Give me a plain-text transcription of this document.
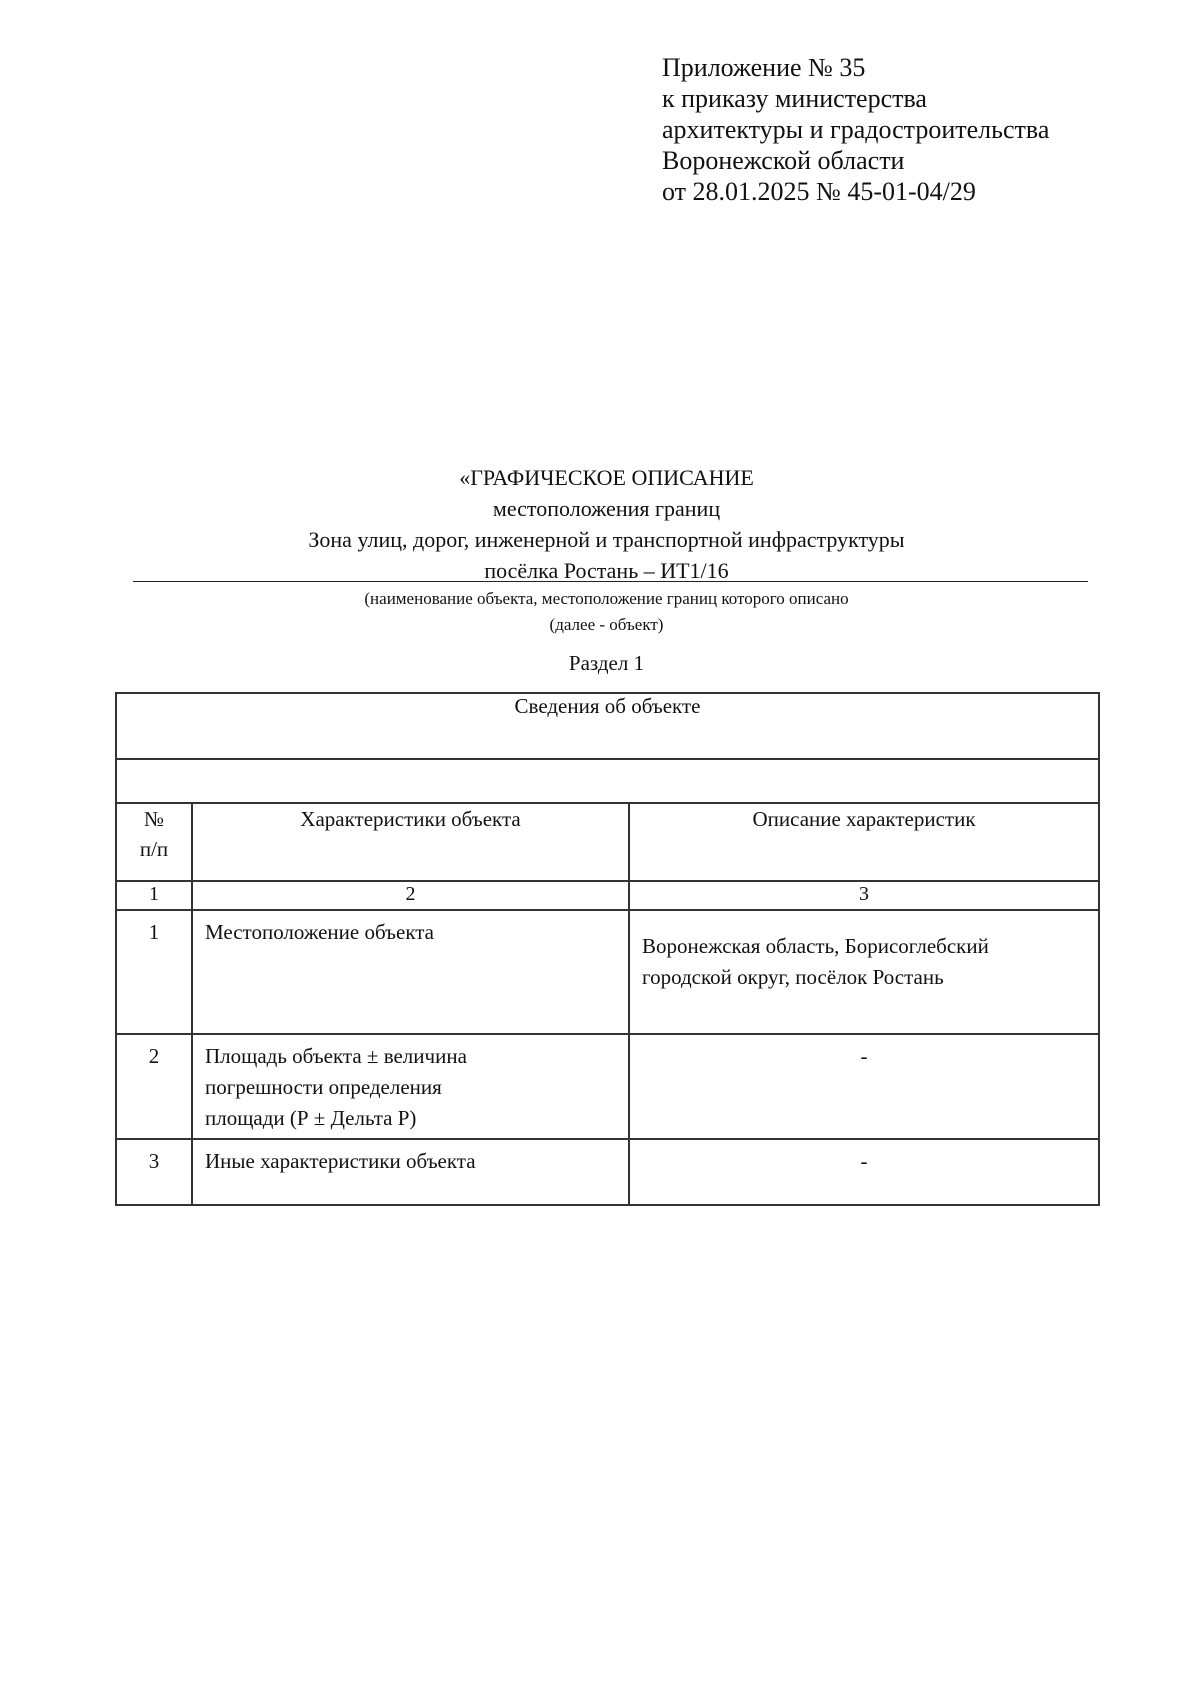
Приложение № 35
к приказу министерства
архитектуры и градостроительства
Воронежской области
от 28.01.2025 № 45-01-04/29
«ГРАФИЧЕСКОЕ ОПИСАНИЕ
местоположения границ
Зона улиц, дорог, инженерной и транспортной инфраструктуры
посёлка Ростань – ИТ1/16
(наименование объекта, местоположение границ которого описано
(далее - объект)
Раздел 1
Сведения об объекте		

№
п/п	Характеристики объекта	Описание характеристик
1	2	3
1	Местоположение объекта	Воронежская область, Борисоглебский
городской округ, посёлок Ростань

2	Площадь объекта ± величина
погрешности определения
площади (Р ± Дельта Р)	-
3	Иные характеристики объекта	-
